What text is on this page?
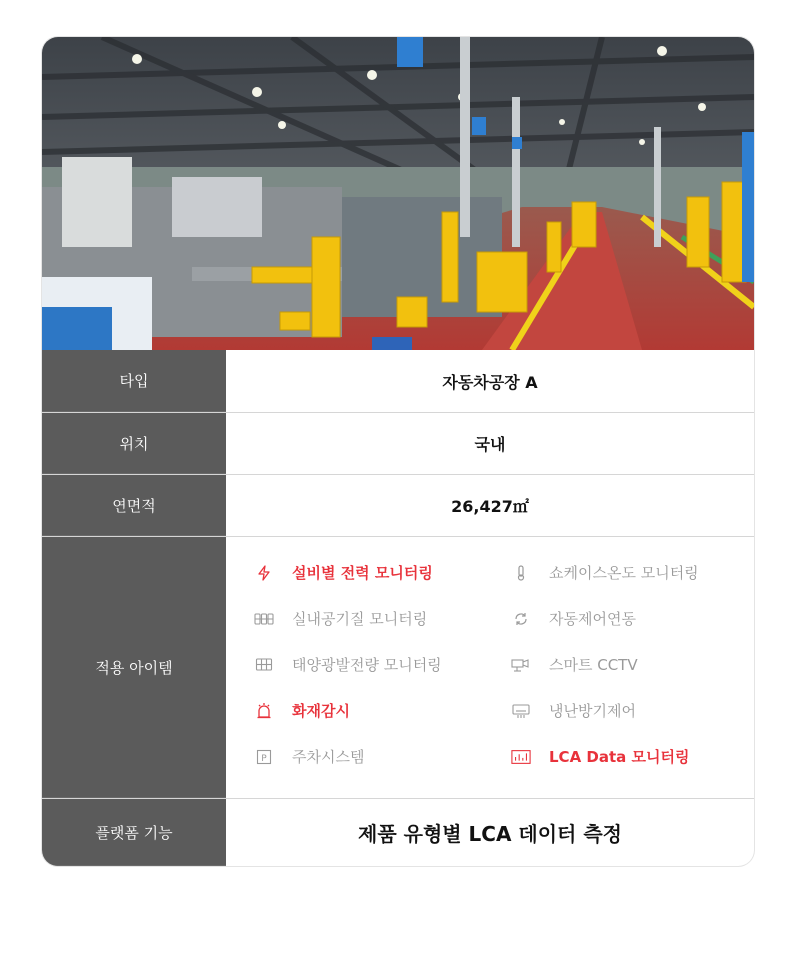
타입	자동차공장 A
위치	국내
연면적	26,427㎡
적용 아이템
설비별 전력 모니터링	쇼케이스온도 모니터링
실내공기질 모니터링	자동제어연동
태양광발전량 모니터링	스마트 CCTV
화재감시	냉난방기제어
P 주차시스템	LCA Data 모니터링
플랫폼 기능	제품 유형별 LCA 데이터 측정
